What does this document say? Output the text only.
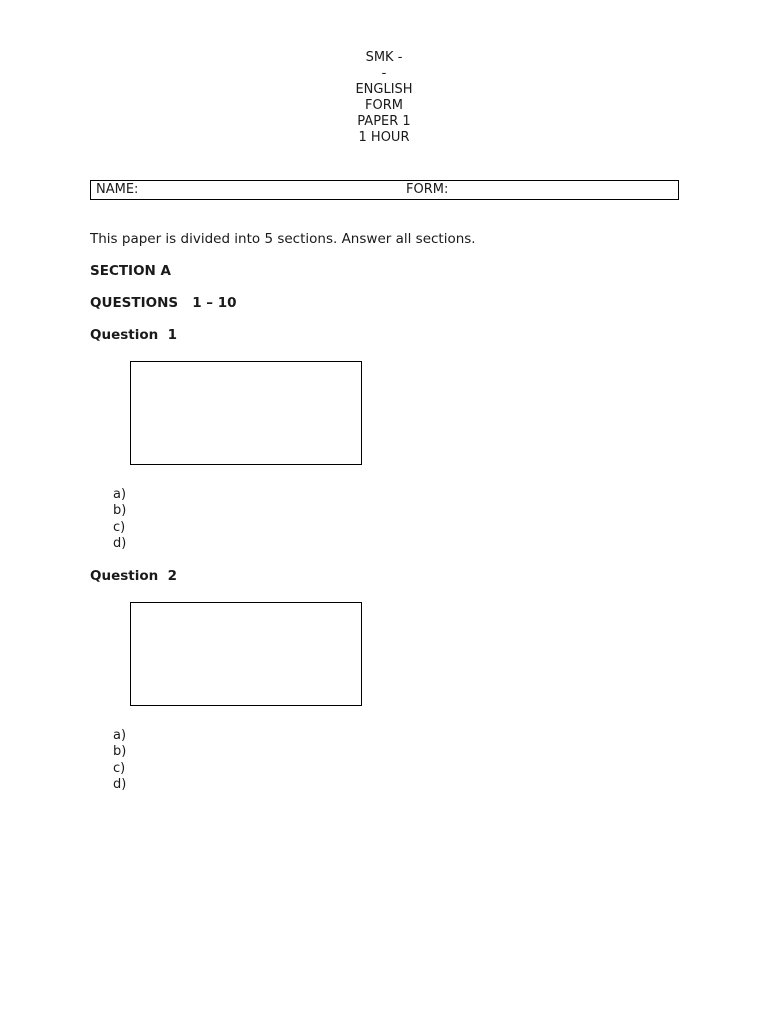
SMK -
-
ENGLISH
FORM
PAPER 1
1 HOUR
NAME:	FORM:
This paper is divided into 5 sections. Answer all sections.
SECTION A
QUESTIONS   1 – 10
Question  1
a)
b)
c)
d)
Question  2
a)
b)
c)
d)
